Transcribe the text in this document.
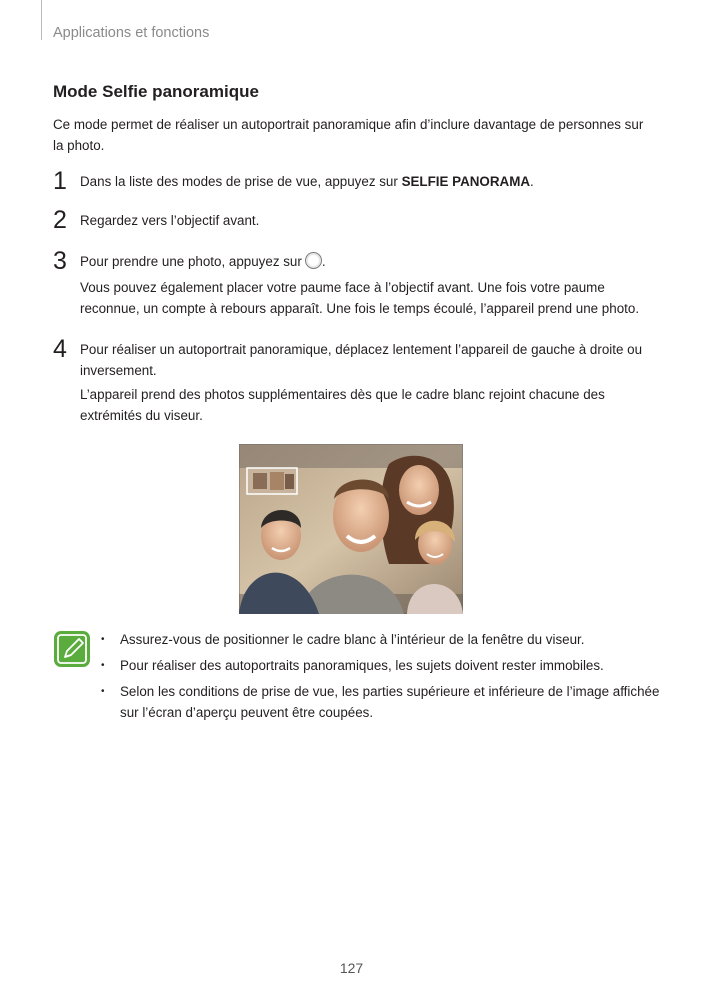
Applications et fonctions
Mode Selfie panoramique
Ce mode permet de réaliser un autoportrait panoramique afin d’inclure davantage de personnes sur la photo.
1 Dans la liste des modes de prise de vue, appuyez sur SELFIE PANORAMA.
2 Regardez vers l’objectif avant.
3 Pour prendre une photo, appuyez sur .
Vous pouvez également placer votre paume face à l’objectif avant. Une fois votre paume reconnue, un compte à rebours apparaît. Une fois le temps écoulé, l’appareil prend une photo.
4 Pour réaliser un autoportrait panoramique, déplacez lentement l’appareil de gauche à droite ou inversement.
L’appareil prend des photos supplémentaires dès que le cadre blanc rejoint chacune des extrémités du viseur.
• Assurez-vous de positionner le cadre blanc à l’intérieur de la fenêtre du viseur.
• Pour réaliser des autoportraits panoramiques, les sujets doivent rester immobiles.
• Selon les conditions de prise de vue, les parties supérieure et inférieure de l’image affichée sur l’écran d’aperçu peuvent être coupées.
127
